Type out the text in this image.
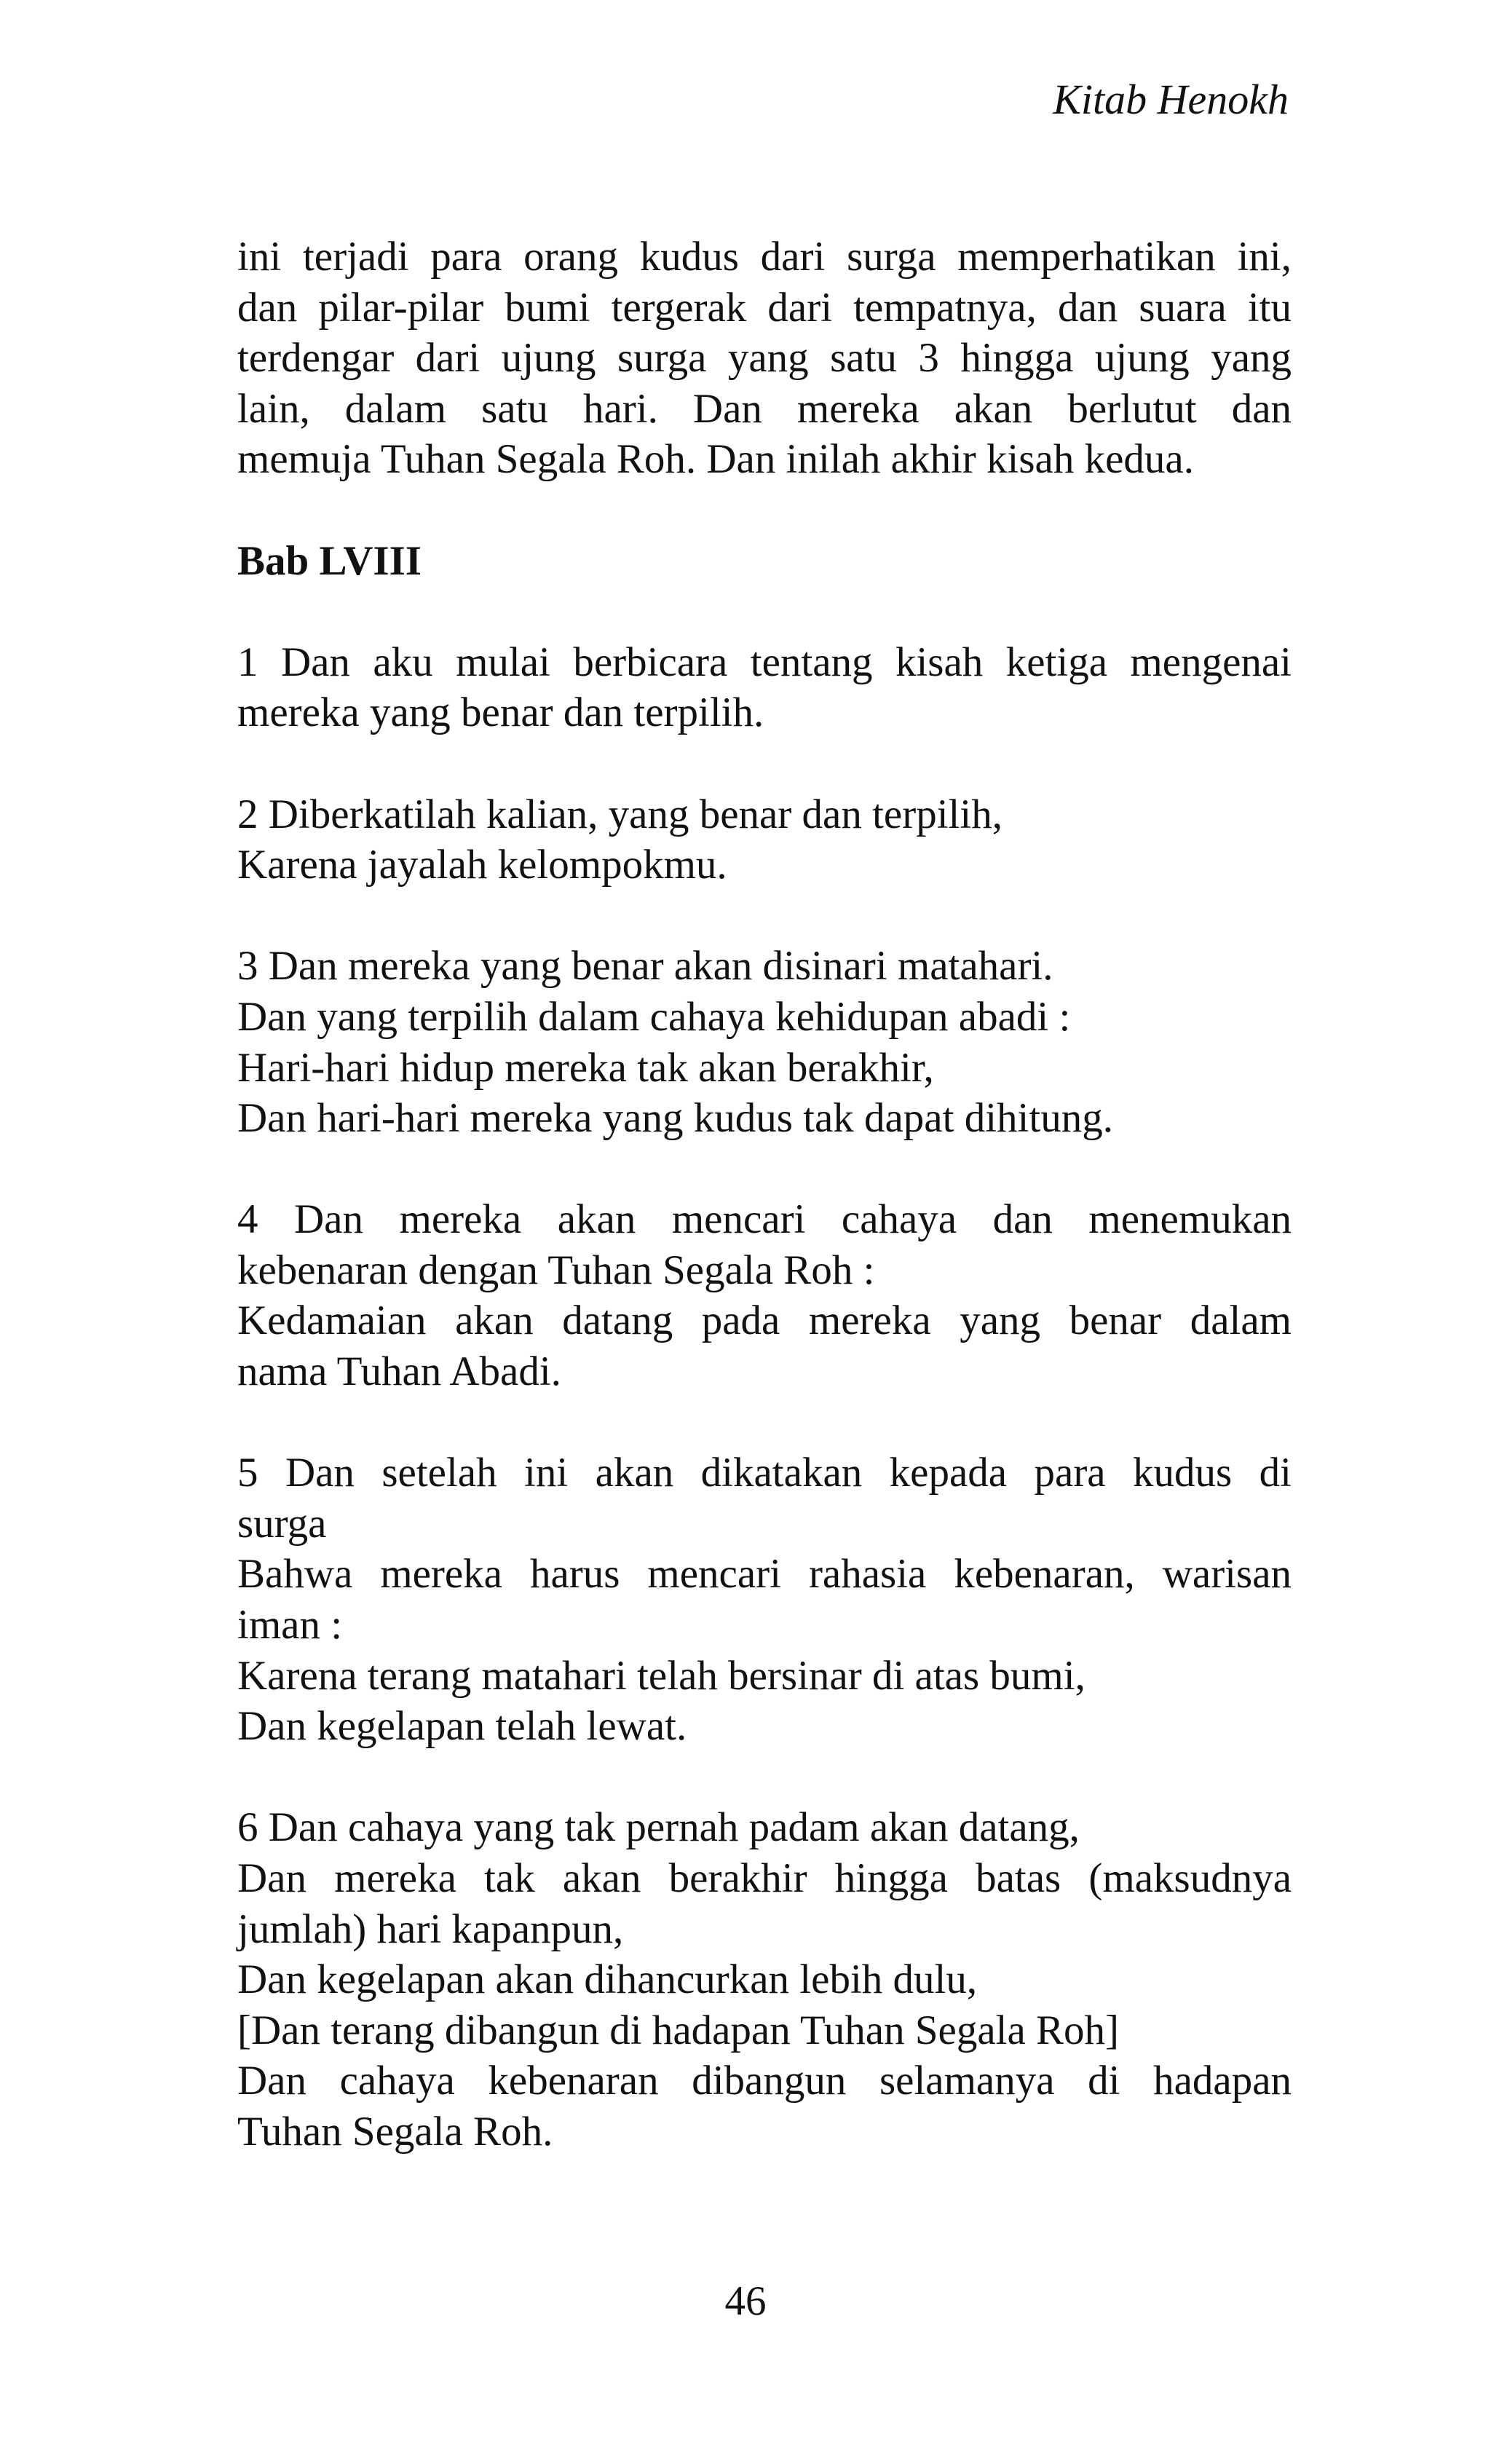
Kitab Henokh
ini terjadi para orang kudus dari surga memperhatikan ini,
dan pilar-pilar bumi tergerak dari tempatnya, dan suara itu
terdengar dari ujung surga yang satu 3 hingga ujung yang
lain, dalam satu hari. Dan mereka akan berlutut dan
memuja Tuhan Segala Roh. Dan inilah akhir kisah kedua.
Bab LVIII
1 Dan aku mulai berbicara tentang kisah ketiga mengenai
mereka yang benar dan terpilih.
2 Diberkatilah kalian, yang benar dan terpilih,
Karena jayalah kelompokmu.
3 Dan mereka yang benar akan disinari matahari.
Dan yang terpilih dalam cahaya kehidupan abadi :
Hari-hari hidup mereka tak akan berakhir,
Dan hari-hari mereka yang kudus tak dapat dihitung.
4 Dan mereka akan mencari cahaya dan menemukan
kebenaran dengan Tuhan Segala Roh :
Kedamaian akan datang pada mereka yang benar dalam
nama Tuhan Abadi.
5 Dan setelah ini akan dikatakan kepada para kudus di
surga
Bahwa mereka harus mencari rahasia kebenaran, warisan
iman :
Karena terang matahari telah bersinar di atas bumi,
Dan kegelapan telah lewat.
6 Dan cahaya yang tak pernah padam akan datang,
Dan mereka tak akan berakhir hingga batas (maksudnya
jumlah) hari kapanpun,
Dan kegelapan akan dihancurkan lebih dulu,
[Dan terang dibangun di hadapan Tuhan Segala Roh]
Dan cahaya kebenaran dibangun selamanya di hadapan
Tuhan Segala Roh.
46
